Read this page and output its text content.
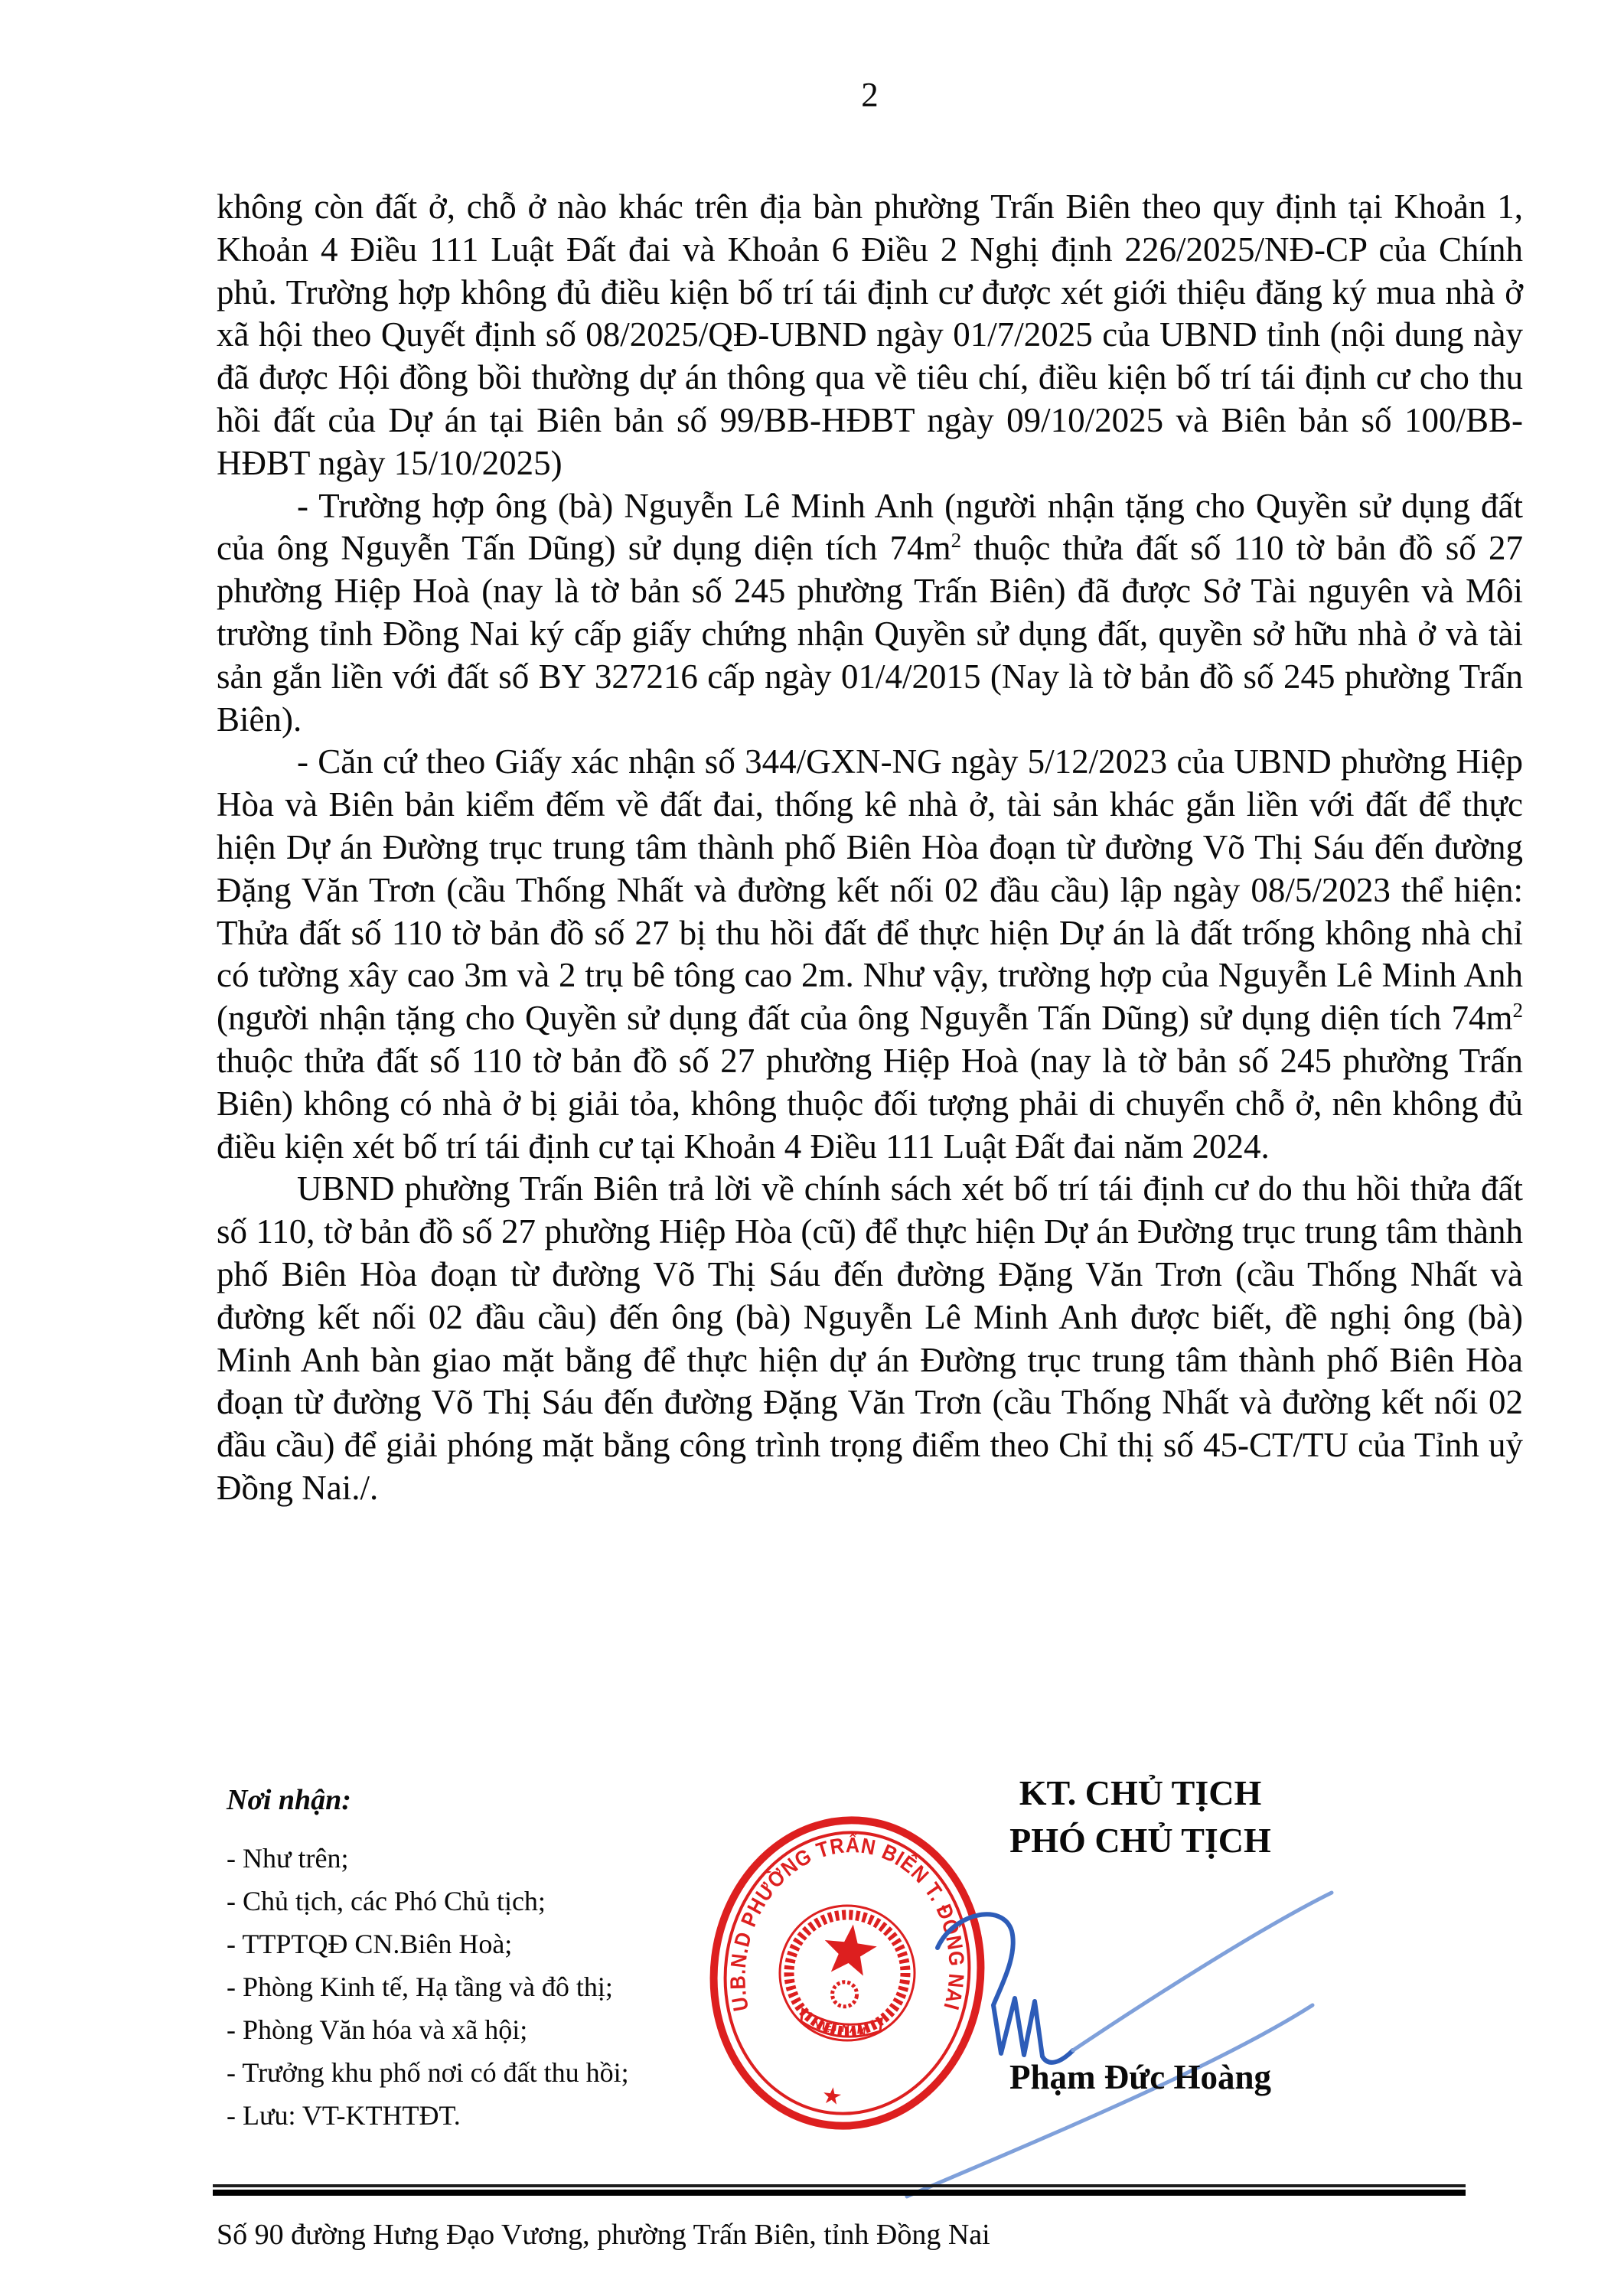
2

không còn đất ở, chỗ ở nào khác trên địa bàn phường Trấn Biên theo quy định tại Khoản 1, Khoản 4 Điều 111 Luật Đất đai và Khoản 6 Điều 2 Nghị định 226/2025/NĐ-CP của Chính phủ. Trường hợp không đủ điều kiện bố trí tái định cư được xét giới thiệu đăng ký mua nhà ở xã hội theo Quyết định số 08/2025/QĐ-UBND ngày 01/7/2025 của UBND tỉnh (nội dung này đã được Hội đồng bồi thường dự án thông qua về tiêu chí, điều kiện bố trí tái định cư cho thu hồi đất của Dự án tại Biên bản số 99/BB-HĐBT ngày 09/10/2025 và Biên bản số 100/BB-HĐBT ngày 15/10/2025)

- Trường hợp ông (bà) Nguyễn Lê Minh Anh (người nhận tặng cho Quyền sử dụng đất của ông Nguyễn Tấn Dũng) sử dụng diện tích $74m^2$ thuộc thửa đất số 110 tờ bản đồ số 27 phường Hiệp Hoà (nay là tờ bản số 245 phường Trấn Biên) đã được Sở Tài nguyên và Môi trường tỉnh Đồng Nai ký cấp giấy chứng nhận Quyền sử dụng đất, quyền sở hữu nhà ở và tài sản gắn liền với đất số BY 327216 cấp ngày 01/4/2015 (Nay là tờ bản đồ số 245 phường Trấn Biên).

- Căn cứ theo Giấy xác nhận số 344/GXN-NG ngày 5/12/2023 của UBND phường Hiệp Hòa và Biên bản kiểm đếm về đất đai, thống kê nhà ở, tài sản khác gắn liền với đất để thực hiện Dự án Đường trục trung tâm thành phố Biên Hòa đoạn từ đường Võ Thị Sáu đến đường Đặng Văn Trơn (cầu Thống Nhất và đường kết nối 02 đầu cầu) lập ngày 08/5/2023 thể hiện: Thửa đất số 110 tờ bản đồ số 27 bị thu hồi đất để thực hiện Dự án là đất trống không nhà chỉ có tường xây cao 3m và 2 trụ bê tông cao 2m. Như vậy, trường hợp của Nguyễn Lê Minh Anh (người nhận tặng cho Quyền sử dụng đất của ông Nguyễn Tấn Dũng) sử dụng diện tích $74m^2$ thuộc thửa đất số 110 tờ bản đồ số 27 phường Hiệp Hoà (nay là tờ bản số 245 phường Trấn Biên) không có nhà ở bị giải tỏa, không thuộc đối tượng phải di chuyển chỗ ở, nên không đủ điều kiện xét bố trí tái định cư tại Khoản 4 Điều 111 Luật Đất đai năm 2024.

UBND phường Trấn Biên trả lời về chính sách xét bố trí tái định cư do thu hồi thửa đất số 110, tờ bản đồ số 27 phường Hiệp Hòa (cũ) để thực hiện Dự án Đường trục trung tâm thành phố Biên Hòa đoạn từ đường Võ Thị Sáu đến đường Đặng Văn Trơn (cầu Thống Nhất và đường kết nối 02 đầu cầu) đến ông (bà) Nguyễn Lê Minh Anh được biết, đề nghị ông (bà) Minh Anh bàn giao mặt bằng để thực hiện dự án Đường trục trung tâm thành phố Biên Hòa đoạn từ đường Võ Thị Sáu đến đường Đặng Văn Trơn (cầu Thống Nhất và đường kết nối 02 đầu cầu) để giải phóng mặt bằng công trình trọng điểm theo Chỉ thị số 45-CT/TU của Tỉnh uỷ Đồng Nai./.

Nơi nhận:
- Như trên;
- Chủ tịch, các Phó Chủ tịch;
- TTPTQĐ CN.Biên Hoà;
- Phòng Kinh tế, Hạ tầng và đô thị;
- Phòng Văn hóa và xã hội;
- Trưởng khu phố nơi có đất thu hồi;
- Lưu: VT-KTHTĐT.
KT. CHỦ TỊCH
PHÓ CHỦ TỊCH
VIỆT NAM
U.B.N.D PHƯỜNG TRẤN BIÊN T. ĐỒNG NAI
★
Phạm Đức Hoàng
Số 90 đường Hưng Đạo Vương, phường Trấn Biên, tỉnh Đồng Nai
